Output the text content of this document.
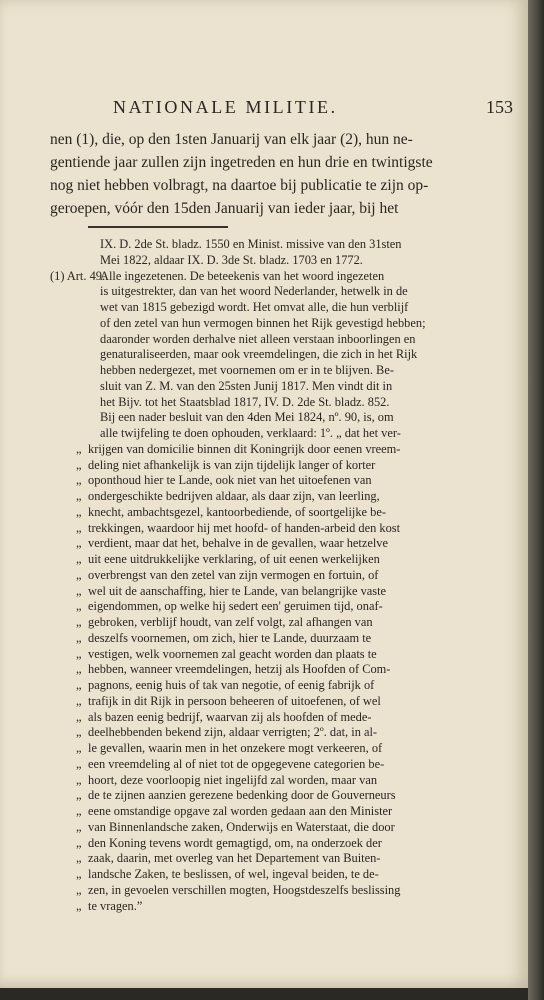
NATIONALE MILITIE.	153
nen (1), die, op den 1sten Januarij van elk jaar (2), hun ne-
gentiende jaar zullen zijn ingetreden en hun drie en twintigste
nog niet hebben volbragt, na daartoe bij publicatie te zijn op-
geroepen, vóór den 15den Januarij van ieder jaar, bij het
IX. D. 2de St. bladz. 1550 en Minist. missive van den 31sten
Mei 1822, aldaar IX. D. 3de St. bladz. 1703 en 1772.
(1) Art. 49.
Alle ingezetenen. De beteekenis van het woord ingezeten
is uitgestrekter, dan van het woord Nederlander, hetwelk in de
wet van 1815 gebezigd wordt. Het omvat alle, die hun verblijf
of den zetel van hun vermogen binnen het Rijk gevestigd hebben;
daaronder worden derhalve niet alleen verstaan inboorlingen en
genaturaliseerden, maar ook vreemdelingen, die zich in het Rijk
hebben nedergezet, met voornemen om er in te blijven. Be-
sluit van Z. M. van den 25sten Junij 1817. Men vindt dit in
het Bijv. tot het Staatsblad 1817, IV. D. 2de St. bladz. 852.
Bij een nader besluit van den 4den Mei 1824, nº. 90, is, om
alle twijfeling te doen ophouden, verklaard: 1º. „ dat het ver-
„ krijgen van domicilie binnen dit Koningrijk door eenen vreem-
„ deling niet afhankelijk is van zijn tijdelijk langer of korter
„ oponthoud hier te Lande, ook niet van het uitoefenen van
„ ondergeschikte bedrijven aldaar, als daar zijn, van leerling,
„ knecht, ambachtsgezel, kantoorbediende, of soortgelijke be-
„ trekkingen, waardoor hij met hoofd- of handen-arbeid den kost
„ verdient, maar dat het, behalve in de gevallen, waar hetzelve
„ uit eene uitdrukkelijke verklaring, of uit eenen werkelijken
„ overbrengst van den zetel van zijn vermogen en fortuin, of
„ wel uit de aanschaffing, hier te Lande, van belangrijke vaste
„ eigendommen, op welke hij sedert een' geruimen tijd, onaf-
„ gebroken, verblijf houdt, van zelf volgt, zal afhangen van
„ deszelfs voornemen, om zich, hier te Lande, duurzaam te
„ vestigen, welk voornemen zal geacht worden dan plaats te
„ hebben, wanneer vreemdelingen, hetzij als Hoofden of Com-
„ pagnons, eenig huis of tak van negotie, of eenig fabrijk of
„ trafijk in dit Rijk in persoon beheeren of uitoefenen, of wel
„ als bazen eenig bedrijf, waarvan zij als hoofden of mede-
„ deelhebbenden bekend zijn, aldaar verrigten; 2º. dat, in al-
„ le gevallen, waarin men in het onzekere mogt verkeeren, of
„ een vreemdeling al of niet tot de opgegevene categorien be-
„ hoort, deze voorloopig niet ingelijfd zal worden, maar van
„ de te zijnen aanzien gerezene bedenking door de Gouverneurs
„ eene omstandige opgave zal worden gedaan aan den Minister
„ van Binnenlandsche zaken, Onderwijs en Waterstaat, die door
„ den Koning tevens wordt gemagtigd, om, na onderzoek der
„ zaak, daarin, met overleg van het Departement van Buiten-
„ landsche Zaken, te beslissen, of wel, ingeval beiden, te de-
„ zen, in gevoelen verschillen mogten, Hoogstdeszelfs beslissing
„ te vragen.”
